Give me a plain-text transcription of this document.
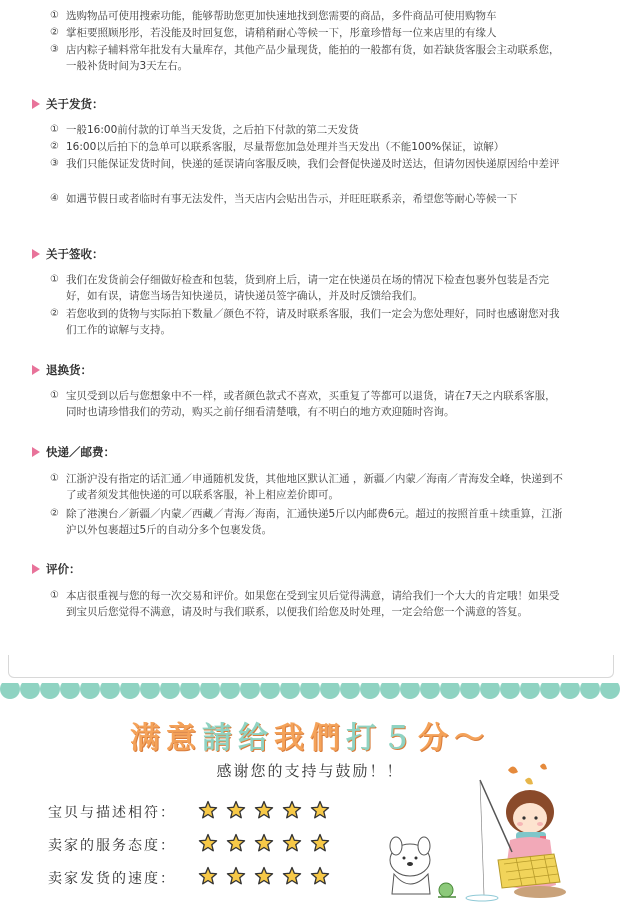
① 选购物品可使用搜索功能，能够帮助您更加快速地找到您需要的商品，多件商品可使用购物车
② 掌柜要照顾彤彤，若没能及时回复您，请稍稍耐心等候一下，彤童珍惜每一位来店里的有缘人
③ 店内粽子辅料常年批发有大量库存，其他产品少量现货，能拍的一般都有货，如若缺货客服会主动联系您，一般补货时间为3天左右。
关于发货：
① 一般16:00前付款的订单当天发货，之后拍下付款的第二天发货
② 16:00以后拍下的急单可以联系客服，尽量帮您加急处理并当天发出（不能100%保证，谅解）
③ 我们只能保证发货时间，快递的延误请向客服反映，我们会督促快递及时送达，但请勿因快递原因给中差评
④ 如遇节假日或者临时有事无法发件，当天店内会贴出告示，并旺旺联系亲，希望您等耐心等候一下
关于签收：
① 我们在发货前会仔细做好检查和包装，货到府上后，请一定在快递员在场的情况下检查包裹外包装是否完好，如有误，请您当场告知快递员，请快递员签字确认，并及时反馈给我们。
② 若您收到的货物与实际拍下数量／颜色不符，请及时联系客服，我们一定会为您处理好，同时也感谢您对我们工作的谅解与支持。
退换货：
① 宝贝受到以后与您想象中不一样，或者颜色款式不喜欢，买重复了等都可以退货，请在7天之内联系客服，同时也请珍惜我们的劳动，购买之前仔细看清楚哦，有不明白的地方欢迎随时咨询。
快递／邮费：
① 江浙沪没有指定的话汇通／申通随机发货，其他地区默认汇通 ，新疆／内蒙／海南／青海发全峰，快递到不了或者须发其他快递的可以联系客服，补上相应差价即可。
② 除了港澳台／新疆／内蒙／西藏／青海／海南，汇通快递5斤以内邮费6元。超过的按照首重＋续重算，江浙沪以外包裹超过5斤的自动分多个包裹发货。
评价：
① 本店很重视与您的每一次交易和评价。如果您在受到宝贝后觉得满意，请给我们一个大大的肯定哦！如果受到宝贝后您觉得不满意，请及时与我们联系，以便我们给您及时处理，一定会给您一个满意的答复。
满意請给我們打５分～
感谢您的支持与鼓励！！
宝贝与描述相符：
卖家的服务态度：
卖家发货的速度：
